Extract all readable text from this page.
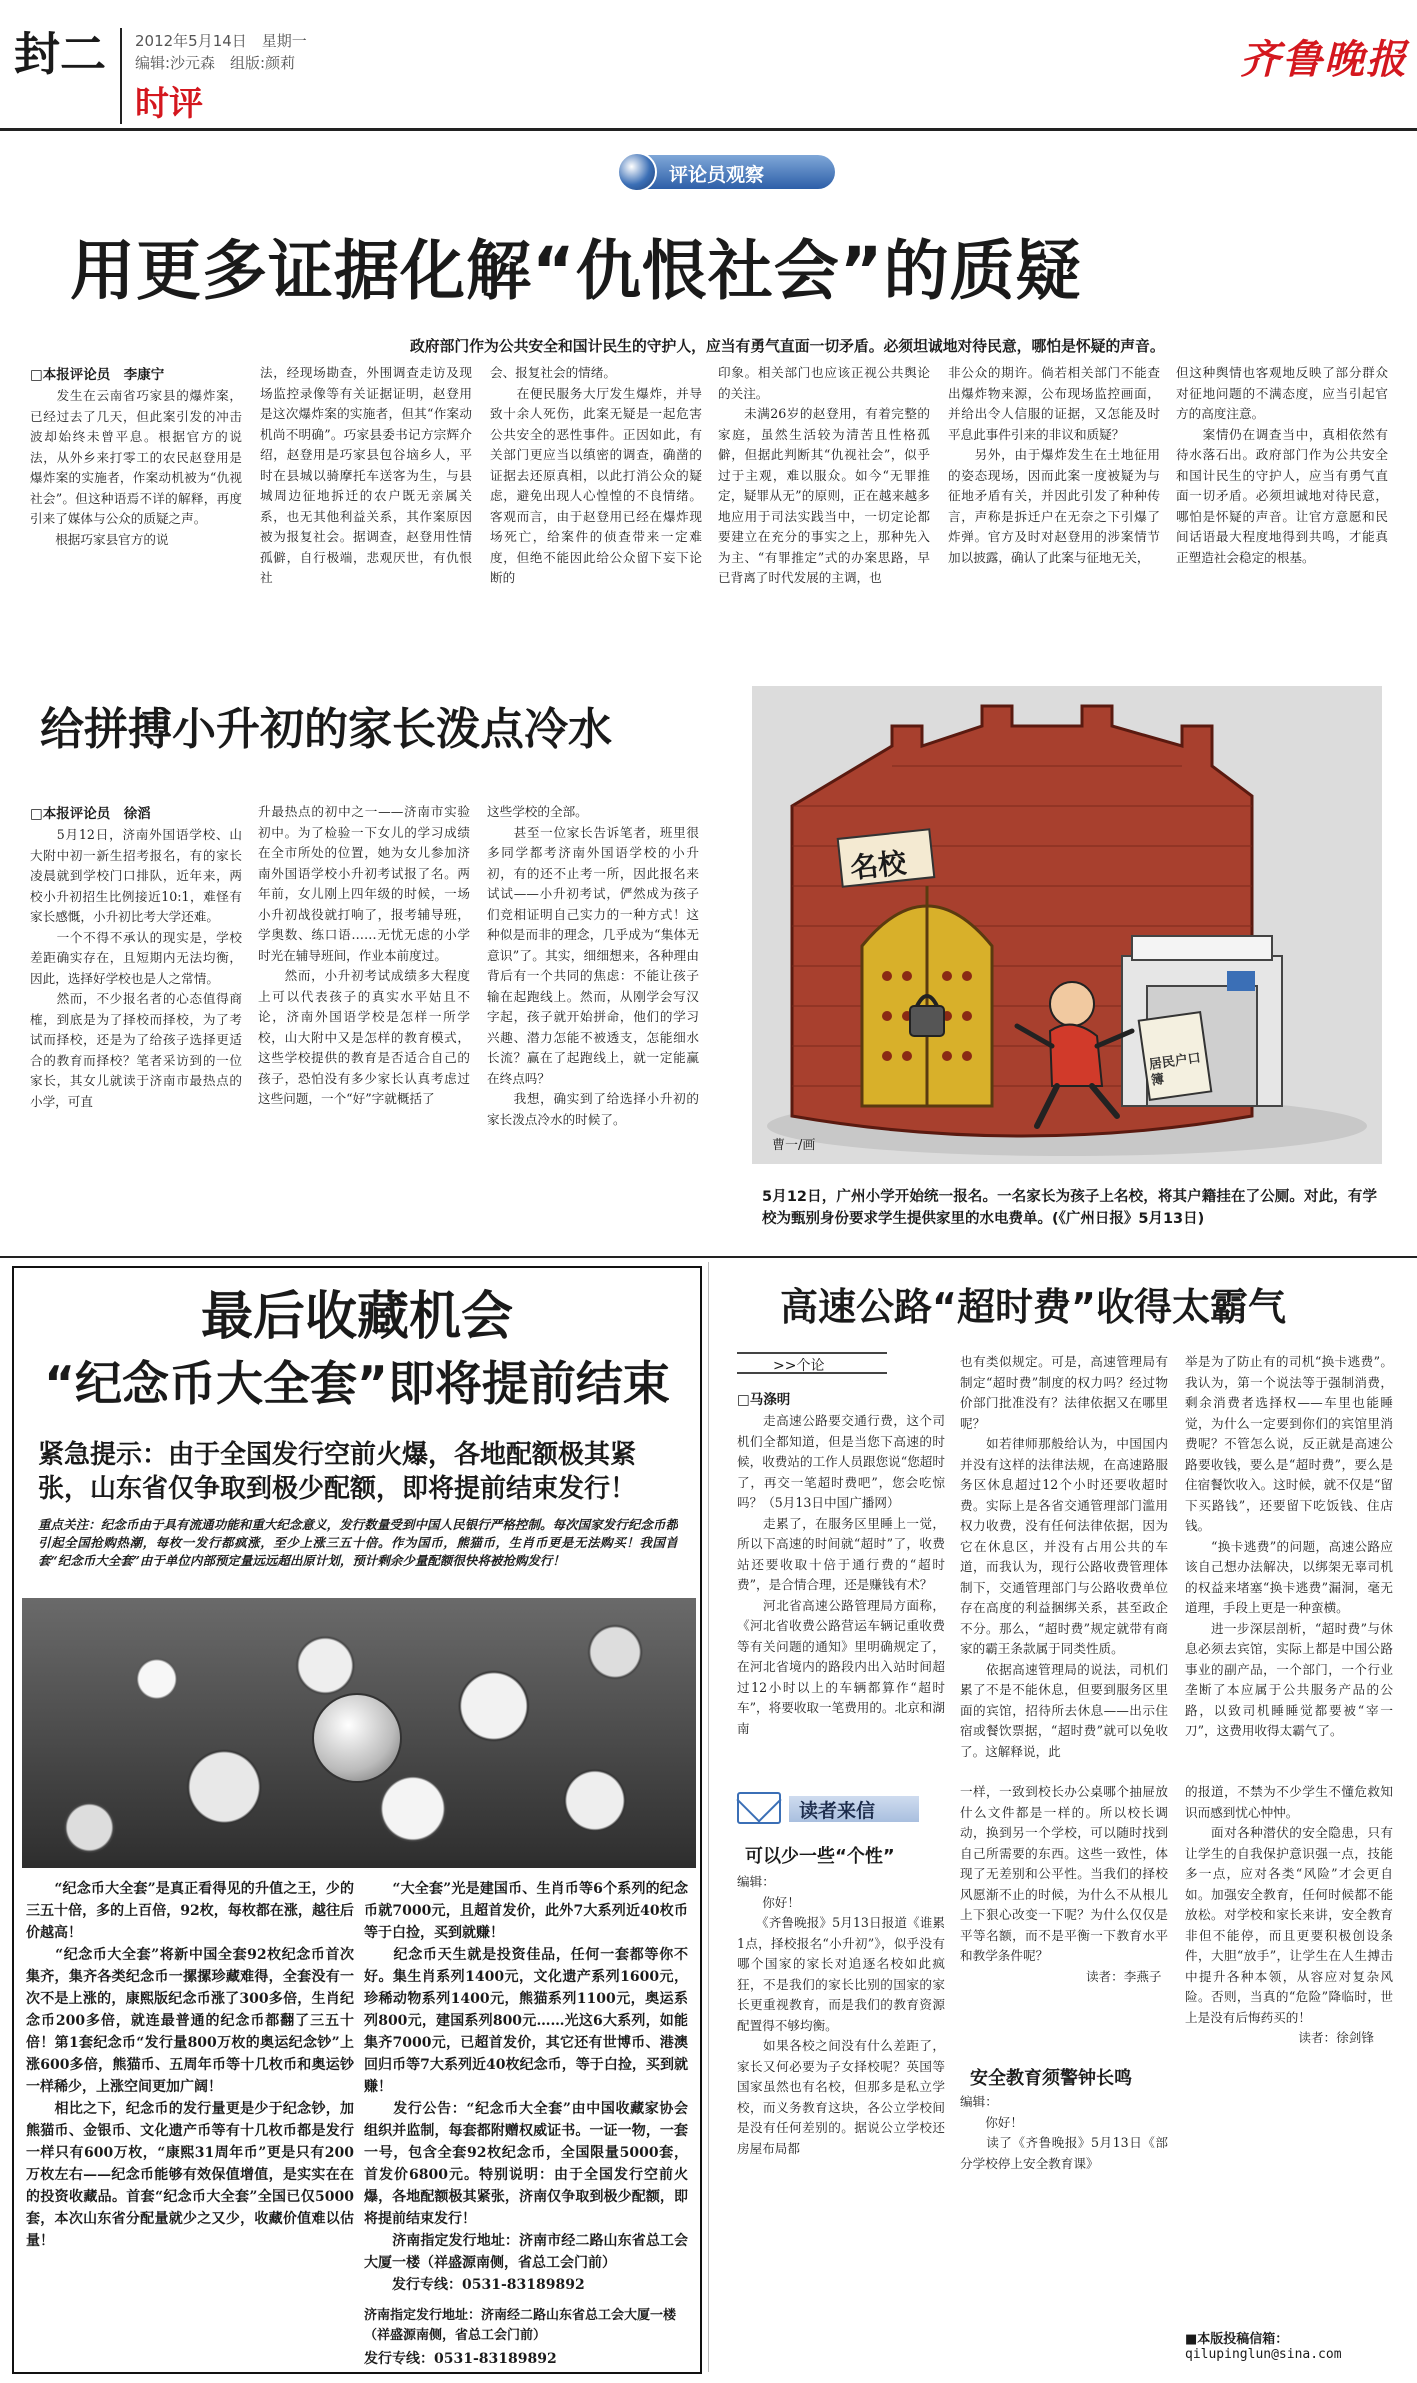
封二 2012年5月14日　星期一
编辑:沙元森　组版:颜莉
时评
齐鲁晚报
评论员观察
用更多证据化解“仇恨社会”的质疑
政府部门作为公共安全和国计民生的守护人，应当有勇气直面一切矛盾。必须坦诚地对待民意，哪怕是怀疑的声音。
□本报评论员　李康宁
　　发生在云南省巧家县的爆炸案，已经过去了几天，但此案引发的冲击波却始终未曾平息。根据官方的说法，从外乡来打零工的农民赵登用是爆炸案的实施者，作案动机被为“仇视社会”。但这种语焉不详的解释，再度引来了媒体与公众的质疑之声。
　　根据巧家县官方的说
法，经现场勘查，外围调查走访及现场监控录像等有关证据证明，赵登用是这次爆炸案的实施者，但其“作案动机尚不明确”。巧家县委书记方宗辉介绍，赵登用是巧家县包谷垴乡人，平时在县城以骑摩托车送客为生，与县城周边征地拆迁的农户既无亲属关系，也无其他利益关系，其作案原因被为报复社会。据调查，赵登用性情孤僻，自行极端，悲观厌世，有仇恨社
会、报复社会的情绪。
　　在便民服务大厅发生爆炸，并导致十余人死伤，此案无疑是一起危害公共安全的恶性事件。正因如此，有关部门更应当以缜密的调查，确凿的证据去还原真相，以此打消公众的疑虑，避免出现人心惶惶的不良情绪。客观而言，由于赵登用已经在爆炸现场死亡，给案件的侦查带来一定难度，但绝不能因此给公众留下妄下论断的
印象。相关部门也应该正视公共舆论的关注。
　　未满26岁的赵登用，有着完整的家庭，虽然生活较为清苦且性格孤僻，但据此判断其“仇视社会”，似乎过于主观，难以服众。如今“无罪推定，疑罪从无”的原则，正在越来越多地应用于司法实践当中，一切定论都要建立在充分的事实之上，那种先入为主、“有罪推定”式的办案思路，早已背离了时代发展的主调，也
非公众的期许。倘若相关部门不能查出爆炸物来源，公布现场监控画面，并给出令人信服的证据，又怎能及时平息此事件引来的非议和质疑？
　　另外，由于爆炸发生在土地征用的姿态现场，因而此案一度被疑为与征地矛盾有关，并因此引发了种种传言，声称是拆迁户在无奈之下引爆了炸弹。官方及时对赵登用的涉案情节加以披露，确认了此案与征地无关，
但这种舆情也客观地反映了部分群众对征地问题的不满态度，应当引起官方的高度注意。
　　案情仍在调查当中，真相依然有待水落石出。政府部门作为公共安全和国计民生的守护人，应当有勇气直面一切矛盾。必须坦诚地对待民意，哪怕是怀疑的声音。让官方意愿和民间话语最大程度地得到共鸣，才能真正塑造社会稳定的根基。
给拼搏小升初的家长泼点冷水
□本报评论员　徐滔
　　5月12日，济南外国语学校、山大附中初一新生招考报名，有的家长凌晨就到学校门口排队，近年来，两校小升初招生比例接近10:1，难怪有家长感慨，小升初比考大学还难。
　　一个不得不承认的现实是，学校差距确实存在，且短期内无法均衡，因此，选择好学校也是人之常情。
　　然而，不少报名者的心态值得商榷，到底是为了择校而择校，为了考试而择校，还是为了给孩子选择更适合的教育而择校？笔者采访到的一位家长，其女儿就读于济南市最热点的小学，可直
升最热点的初中之一——济南市实验初中。为了检验一下女儿的学习成绩在全市所处的位置，她为女儿参加济南外国语学校小升初考试报了名。两年前，女儿刚上四年级的时候，一场小升初战役就打响了，报考辅导班，学奥数、练口语……无忧无虑的小学时光在辅导班间，作业本前度过。
　　然而，小升初考试成绩多大程度上可以代表孩子的真实水平姑且不论，济南外国语学校是怎样一所学校，山大附中又是怎样的教育模式，这些学校提供的教育是否适合自己的孩子，恐怕没有多少家长认真考虑过这些问题，一个“好”字就概括了
这些学校的全部。
　　甚至一位家长告诉笔者，班里很多同学都考济南外国语学校的小升初，有的还不止考一所，因此报名来试试——小升初考试，俨然成为孩子们竞相证明自己实力的一种方式！这种似是而非的理念，几乎成为“集体无意识”了。其实，细细想来，各种理由背后有一个共同的焦虑：不能让孩子输在起跑线上。然而，从刚学会写汉字起，孩子就开始拼命，他们的学习兴趣、潜力怎能不被透支，怎能细水长流？赢在了起跑线上，就一定能赢在终点吗？
　　我想，确实到了给选择小升初的家长泼点冷水的时候了。
名校
居民户口簿
曹一/画
5月12日，广州小学开始统一报名。一名家长为孩子上名校，将其户籍挂在了公厕。对此，有学校为甄别身份要求学生提供家里的水电费单。(《广州日报》5月13日)
最后收藏机会
“纪念币大全套”即将提前结束
紧急提示：由于全国发行空前火爆，各地配额极其紧张，山东省仅争取到极少配额，即将提前结束发行！
重点关注：纪念币由于具有流通功能和重大纪念意义，发行数量受到中国人民银行严格控制。每次国家发行纪念币都引起全国抢购热潮，每枚一发行都疯涨，至少上涨三五十倍。作为国币，熊猫币，生肖币更是无法购买！我国首套“纪念币大全套”由于单位内部预定量远远超出原计划，预计剩余少量配额很快将被抢购发行！
　　“纪念币大全套”是真正看得见的升值之王，少的三五十倍，多的上百倍，92枚，每枚都在涨，越往后价越高！
　　“纪念币大全套”将新中国全套92枚纪念币首次集齐，集齐各类纪念币一摞摞珍藏难得，全套没有一次不是上涨的，康熙版纪念币涨了300多倍，生肖纪念币200多倍，就连最普通的纪念币都翻了三五十倍！第1套纪念币“发行量800万枚的奥运纪念钞”上涨600多倍，熊猫币、五周年币等十几枚币和奥运钞一样稀少，上涨空间更加广阔！
　　相比之下，纪念币的发行量更是少于纪念钞，加熊猫币、金银币、文化遗产币等有十几枚币都是发行一样只有600万枚，“康熙31周年币”更是只有200万枚左右——纪念币能够有效保值增值，是实实在在的投资收藏品。首套“纪念币大全套”全国已仅5000套，本次山东省分配量就少之又少，收藏价值难以估量！
　　“大全套”光是建国币、生肖币等6个系列的纪念币就7000元，且超首发价，此外7大系列近40枚币等于白捡，买到就赚！
　　纪念币天生就是投资佳品，任何一套都等你不好。集生肖系列1400元，文化遗产系列1600元，珍稀动物系列1400元，熊猫系列1100元，奥运系列800元，建国系列800元……光这6大系列，如能集齐7000元，已超首发价，其它还有世博币、港澳回归币等7大系列近40枚纪念币，等于白捡，买到就赚！
　　发行公告：“纪念币大全套”由中国收藏家协会组织并监制，每套都附赠权威证书。一证一物，一套一号，包含全套92枚纪念币，全国限量5000套，首发价6800元。特别说明：由于全国发行空前火爆，各地配额极其紧张，济南仅争取到极少配额，即将提前结束发行！
　　济南指定发行地址：济南市经二路山东省总工会大厦一楼（祥盛源南侧，省总工会门前）
　　发行专线：0531-83189892
济南指定发行地址：济南经二路山东省总工会大厦一楼（祥盛源南侧，省总工会门前）
发行专线：0531-83189892
高速公路“超时费”收得太霸气
>>个论
□马涤明
　　走高速公路要交通行费，这个司机们全都知道，但是当您下高速的时候，收费站的工作人员跟您说“您超时了，再交一笔超时费吧”，您会吃惊吗？（5月13日中国广播网）
　　走累了，在服务区里睡上一觉，所以下高速的时间就“超时”了，收费站还要收取十倍于通行费的“超时费”，是合情合理，还是赚钱有术？
　　河北省高速公路管理局方面称，《河北省收费公路营运车辆记重收费等有关问题的通知》里明确规定了，在河北省境内的路段内出入站时间超过12小时以上的车辆都算作“超时车”，将要收取一笔费用的。北京和湖南
也有类似规定。可是，高速管理局有制定“超时费”制度的权力吗？经过物价部门批准没有？法律依据又在哪里呢？
　　如若律师那般给认为，中国国内并没有这样的法律法规，在高速路服务区休息超过12个小时还要收超时费。实际上是各省交通管理部门滥用权力收费，没有任何法律依据，因为它在休息区，并没有占用公共的车道，而我认为，现行公路收费管理体制下，交通管理部门与公路收费单位存在高度的利益捆绑关系，甚至政企不分。那么，“超时费”规定就带有商家的霸王条款属于同类性质。
　　依据高速管理局的说法，司机们累了不是不能休息，但要到服务区里面的宾馆，招待所去休息——出示住宿或餐饮票据，“超时费”就可以免收了。这解释说，此
举是为了防止有的司机“换卡逃费”。我认为，第一个说法等于强制消费，剩余消费者选择权——车里也能睡觉，为什么一定要到你们的宾馆里消费呢？不管怎么说，反正就是高速公路要收钱，要么是“超时费”，要么是住宿餐饮收入。这时候，就不仅是“留下买路钱”，还要留下吃饭钱、住店钱。
　　“换卡逃费”的问题，高速公路应该自己想办法解决，以绑架无辜司机的权益来堵塞“换卡逃费”漏洞，毫无道理，手段上更是一种蛮横。
　　进一步深层剖析，“超时费”与休息必须去宾馆，实际上都是中国公路事业的副产品，一个部门，一个行业垄断了本应属于公共服务产品的公路，以致司机睡睡觉都要被“宰一刀”，这费用收得太霸气了。
读者来信
可以少一些“个性”
编辑：
　　你好！
　　《齐鲁晚报》5月13日报道《谁累1点，择校报名“小升初”》，似乎没有哪个国家的家长对追逐名校如此疯狂，不是我们的家长比别的国家的家长更重视教育，而是我们的教育资源配置得不够均衡。
　　如果各校之间没有什么差距了，家长又何必要为子女择校呢？英国等国家虽然也有名校，但那多是私立学校，而义务教育这块，各公立学校间是没有任何差别的。据说公立学校还房屋布局都
一样，一致到校长办公桌哪个抽屉放什么文件都是一样的。所以校长调动，换到另一个学校，可以随时找到自己所需要的东西。这些一致性，体现了无差别和公平性。当我们的择校风愿渐不止的时候，为什么不从根儿上下狠心改变一下呢？为什么仅仅是平等名额，而不是平衡一下教育水平和教学条件呢？
　　　　　　　　　　读者：李燕子
安全教育须警钟长鸣
编辑：
　　你好！
　　读了《齐鲁晚报》5月13日《部分学校停上安全教育课》
的报道，不禁为不少学生不懂危救知识而感到忧心忡忡。
　　面对各种潜伏的安全隐患，只有让学生的自我保护意识强一点，技能多一点，应对各类“风险”才会更自如。加强安全教育，任何时候都不能放松。对学校和家长来讲，安全教育非但不能停，而且更要积极创设条件，大胆“放手”，让学生在人生搏击中提升各种本领，从容应对复杂风险。否则，当真的“危险”降临时，世上是没有后悔药买的！
　　　　　　　　　读者：徐剑锋
■本版投稿信箱：
qilupinglun@sina.com
